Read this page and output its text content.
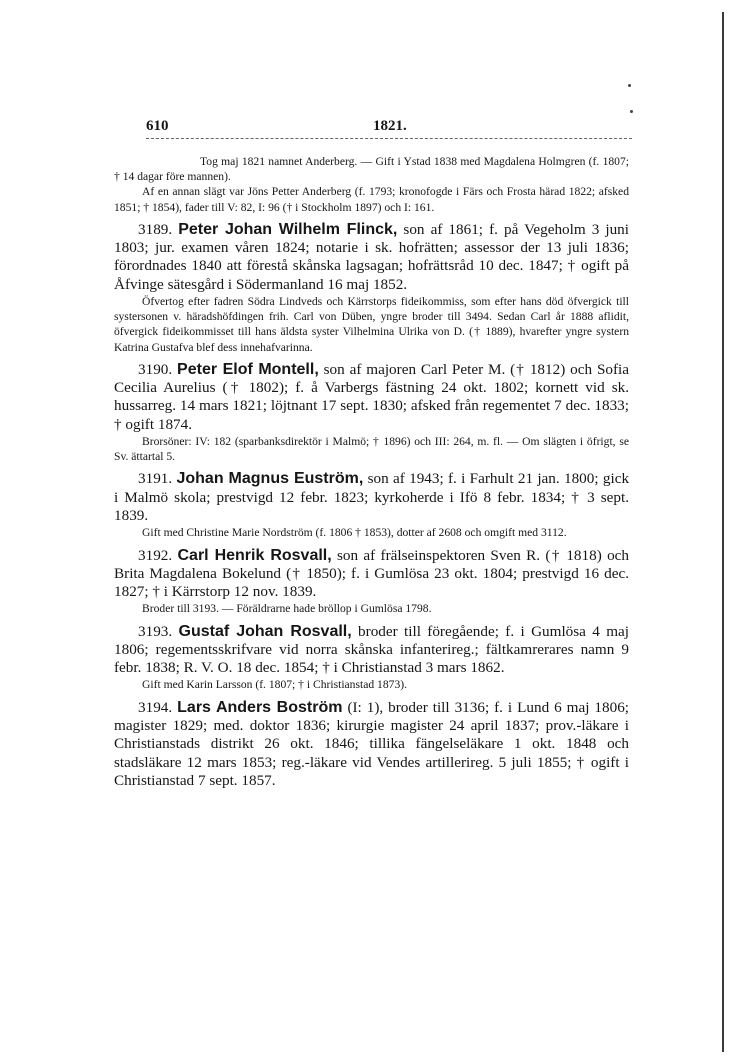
610	1821.

Tog maj 1821 namnet Anderberg. — Gift i Ystad 1838 med Magdalena Holmgren (f. 1807; † 14 dagar före mannen).

Af en annan slägt var Jöns Petter Anderberg (f. 1793; kronofogde i Färs och Frosta härad 1822; afsked 1851; † 1854), fader till V: 82, I: 96 († i Stockholm 1897) och I: 161.

3189. Peter Johan Wilhelm Flinck, son af 1861; f. på Vegeholm 3 juni 1803; jur. examen våren 1824; notarie i sk. hofrätten; assessor der 13 juli 1836; förordnades 1840 att förestå skånska lagsagan; hofrättsråd 10 dec. 1847; † ogift på Åfvinge sätesgård i Södermanland 16 maj 1852.

Öfvertog efter fadren Södra Lindveds och Kärrstorps fideikommiss, som efter hans död öfvergick till systersonen v. häradshöfdingen frih. Carl von Düben, yngre broder till 3494. Sedan Carl år 1888 aflidit, öfvergick fideikommisset till hans äldsta syster Vilhelmina Ulrika von D. († 1889), hvarefter yngre systern Katrina Gustafva blef dess innehafvarinna.

3190. Peter Elof Montell, son af majoren Carl Peter M. († 1812) och Sofia Cecilia Aurelius († 1802); f. å Varbergs fästning 24 okt. 1802; kornett vid sk. hussarreg. 14 mars 1821; löjtnant 17 sept. 1830; afsked från regementet 7 dec. 1833; † ogift 1874.

Brorsöner: IV: 182 (sparbanksdirektör i Malmö; † 1896) och III: 264, m. fl. — Om slägten i öfrigt, se Sv. ättartal 5.

3191. Johan Magnus Euström, son af 1943; f. i Farhult 21 jan. 1800; gick i Malmö skola; prestvigd 12 febr. 1823; kyrkoherde i Ifö 8 febr. 1834; † 3 sept. 1839.

Gift med Christine Marie Nordström (f. 1806 † 1853), dotter af 2608 och omgift med 3112.

3192. Carl Henrik Rosvall, son af frälseinspektoren Sven R. († 1818) och Brita Magdalena Bokelund († 1850); f. i Gumlösa 23 okt. 1804; prestvigd 16 dec. 1827; † i Kärrstorp 12 nov. 1839.

Broder till 3193. — Föräldrarne hade bröllop i Gumlösa 1798.

3193. Gustaf Johan Rosvall, broder till föregående; f. i Gumlösa 4 maj 1806; regementsskrifvare vid norra skånska infanterireg.; fältkamrerares namn 9 febr. 1838; R. V. O. 18 dec. 1854; † i Christianstad 3 mars 1862.

Gift med Karin Larsson (f. 1807; † i Christianstad 1873).

3194. Lars Anders Boström (I: 1), broder till 3136; f. i Lund 6 maj 1806; magister 1829; med. doktor 1836; kirurgie magister 24 april 1837; prov.-läkare i Christianstads distrikt 26 okt. 1846; tillika fängelseläkare 1 okt. 1848 och stadsläkare 12 mars 1853; reg.-läkare vid Vendes artillerireg. 5 juli 1855; † ogift i Christianstad 7 sept. 1857.
